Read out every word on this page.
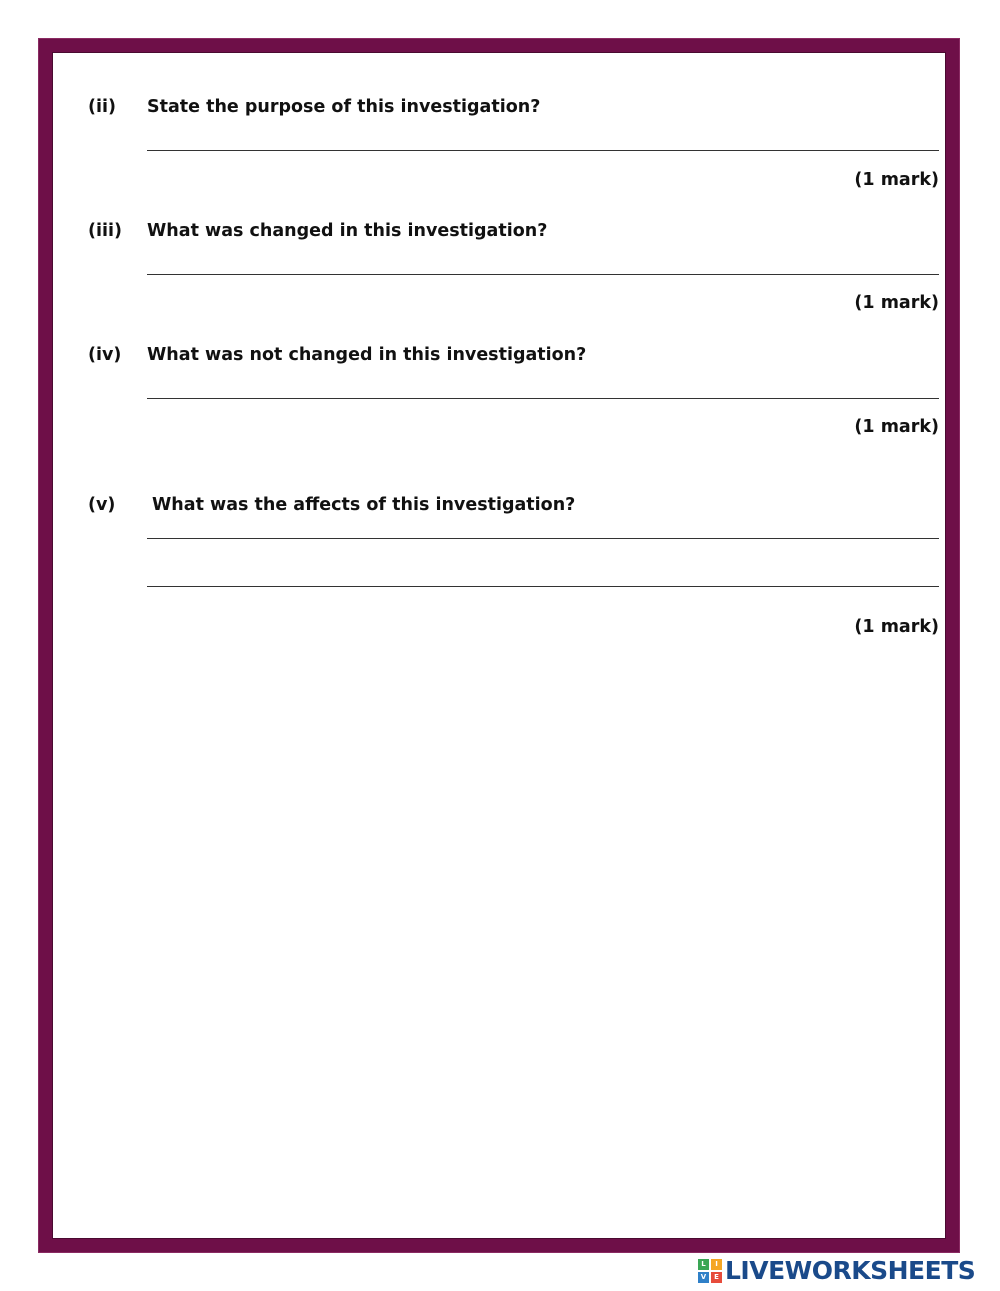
(ii) State the purpose of this investigation?
(1 mark)
(iii) What was changed in this investigation?
(1 mark)
(iv) What was not changed in this investigation?
(1 mark)
(v) What was the affects of this investigation?
(1 mark)
L	I
V	E LIVEWORKSHEETS
